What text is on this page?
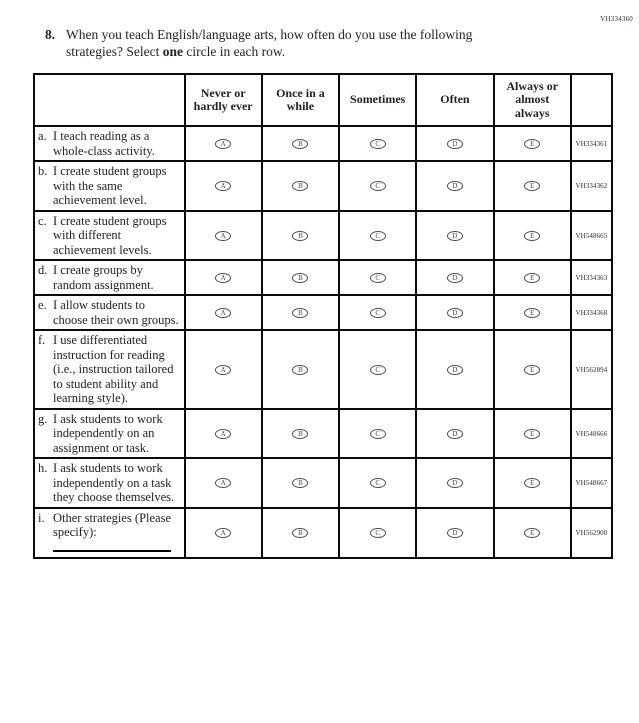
VH334360
8. When you teach English/language arts, how often do you use the following strategies? Select one circle in each row.
	Never or hardly ever	Once in a while	Sometimes	Often	Always or almost always	

a. I teach reading as a whole-class activity.	A	B	C	D	E	VH334361

b. I create student groups with the same achievement level.	A	B	C	D	E	VH334362

c. I create student groups with different achievement levels.	A	B	C	D	E	VH548665

d. I create groups by random assignment.	A	B	C	D	E	VH334363

e. I allow students to choose their own groups.	A	B	C	D	E	VH334368

f. I use differentiated instruction for reading (i.e., instruction tailored to student ability and learning style).	A	B	C	D	E	VH562894

g. I ask students to work independently on an assignment or task.	A	B	C	D	E	VH548666

h. I ask students to work independently on a task they choose themselves.	A	B	C	D	E	VH548667

i. Other strategies (Please specify):	A	B	C	D	E	VH562900
